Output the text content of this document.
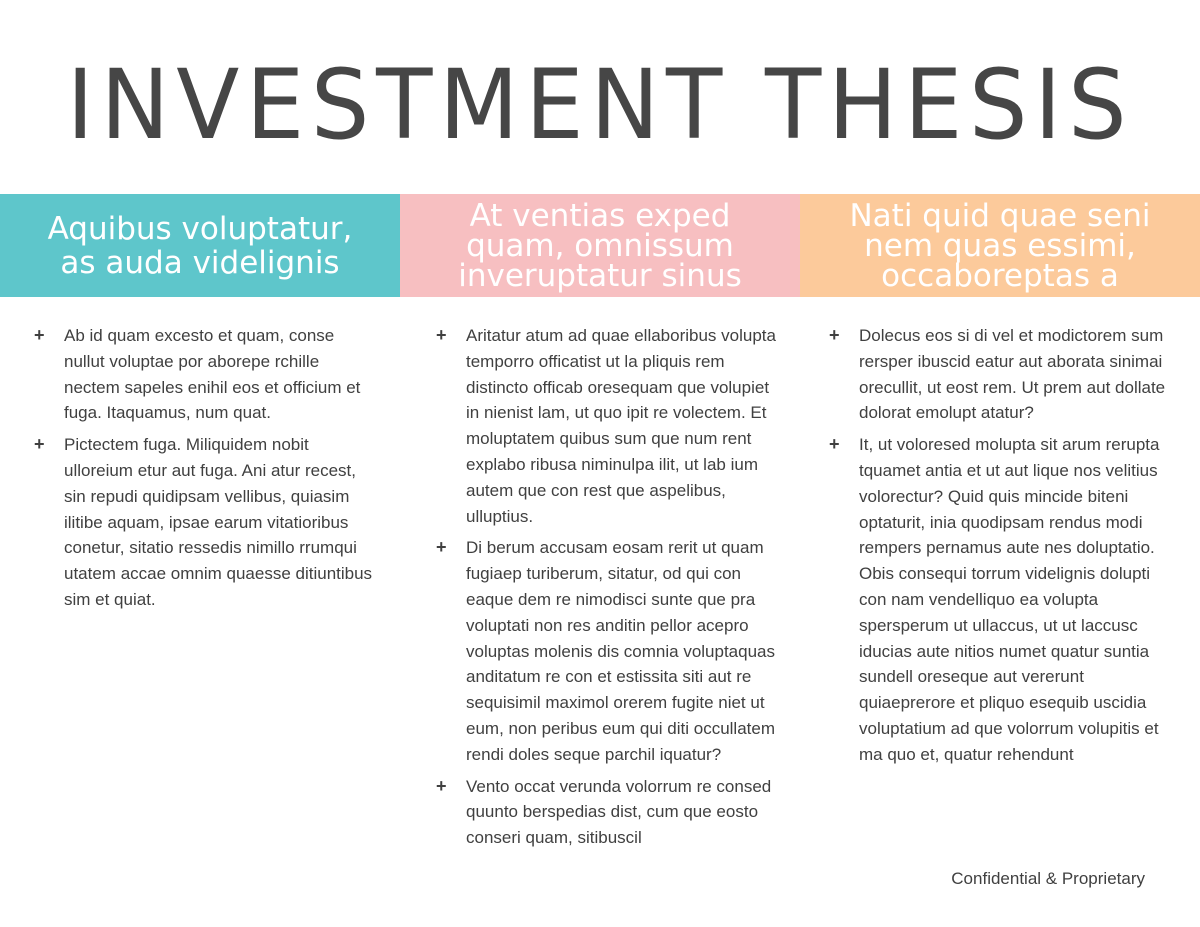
INVESTMENT THESIS
Aquibus voluptatur,
as auda videlignis
At ventias exped
quam, omnissum
inveruptatur sinus
Nati quid quae seni
nem quas essimi,
occaboreptas a
+ Ab id quam excesto et quam, conse nullut voluptae por aborepe rchille nectem sapeles enihil eos et officium et fuga. Itaquamus, num quat.
+ Pictectem fuga. Miliquidem nobit ulloreium etur aut fuga. Ani atur recest, sin repudi quidipsam vellibus, quiasim ilitibe aquam, ipsae earum vitatioribus conetur, sitatio ressedis nimillo rrumqui utatem accae omnim quaesse ditiuntibus sim et quiat.
+ Aritatur atum ad quae ellaboribus volupta temporro officatist ut la pliquis rem distincto officab oresequam que volupiet in nienist lam, ut quo ipit re volectem. Et moluptatem quibus sum que num rent explabo ribusa niminulpa ilit, ut lab ium autem que con rest que aspelibus, ulluptius.
+ Di berum accusam eosam rerit ut quam fugiaep turiberum, sitatur, od qui con eaque dem re nimodisci sunte que pra voluptati non res anditin pellor acepro voluptas molenis dis comnia voluptaquas anditatum re con et estissita siti aut re sequisimil maximol orerem fugite niet ut eum, non peribus eum qui diti occullatem rendi doles seque parchil iquatur?
+ Vento occat verunda volorrum re consed quunto berspedias dist, cum que eosto conseri quam, sitibuscil
+ Dolecus eos si di vel et modictorem sum rersper ibuscid eatur aut aborata sinimai orecullit, ut eost rem. Ut prem aut dollate dolorat emolupt atatur?
+ It, ut voloresed molupta sit arum rerupta tquamet antia et ut aut lique nos velitius volorectur? Quid quis mincide biteni optaturit, inia quodipsam rendus modi rempers pernamus aute nes doluptatio. Obis consequi torrum videlignis dolupti con nam vendelliquo ea volupta spersperum ut ullaccus, ut ut laccusc iducias aute nitios numet quatur suntia sundell oreseque aut vererunt quiaeprerore et pliquo esequib uscidia voluptatium ad que volorrum volupitis et ma quo et, quatur rehendunt
Confidential & Proprietary
